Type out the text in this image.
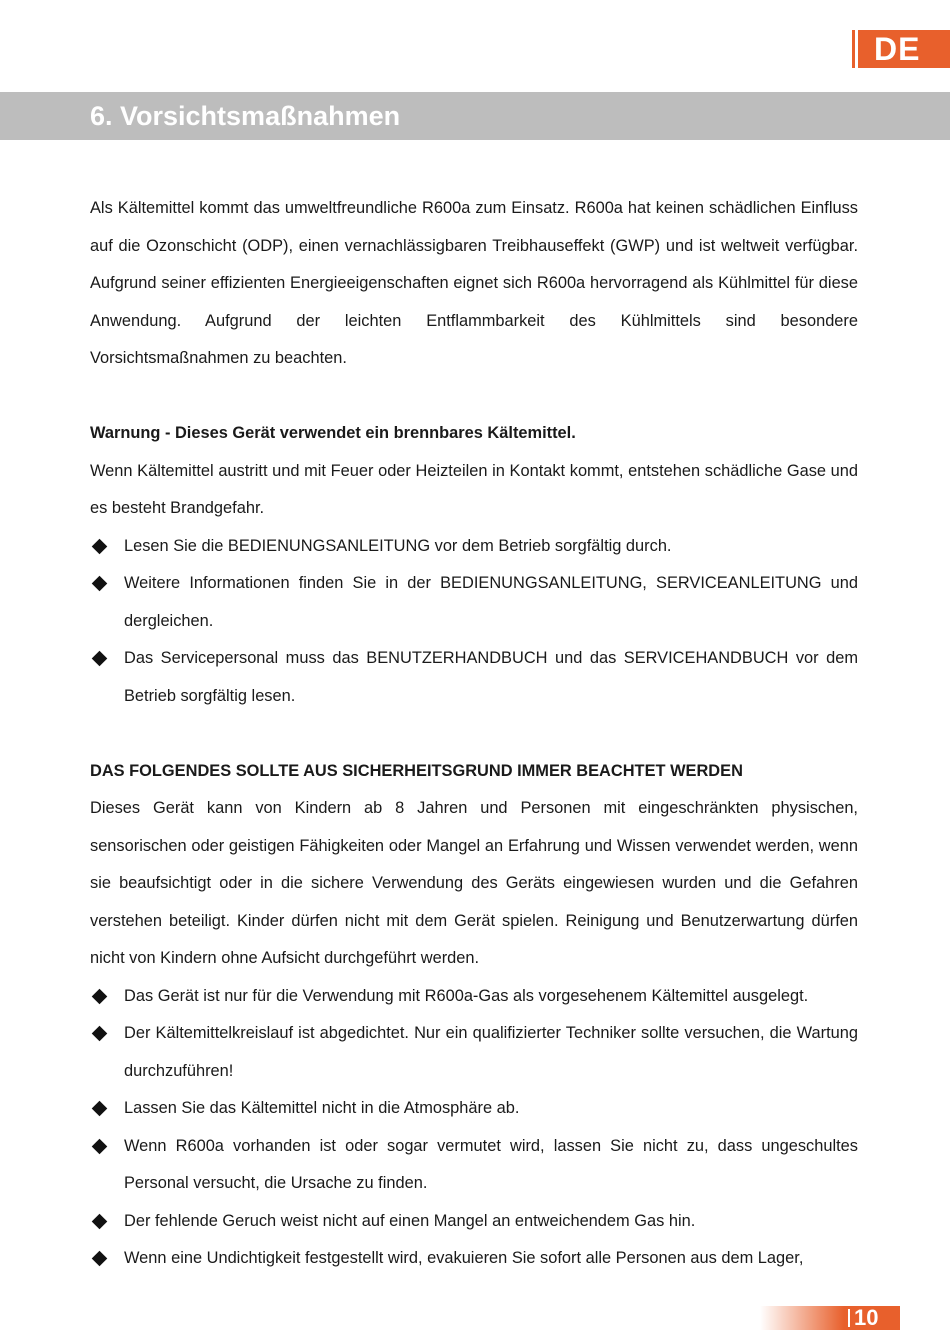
DE
6. Vorsichtsmaßnahmen

Als Kältemittel kommt das umweltfreundliche R600a zum Einsatz. R600a hat keinen schädlichen Einfluss auf die Ozonschicht (ODP), einen vernachlässigbaren Treibhauseffekt (GWP) und ist weltweit verfügbar. Aufgrund seiner effizienten Energieeigenschaften eignet sich R600a hervorragend als Kühlmittel für diese Anwendung. Aufgrund der leichten Entflammbarkeit des Kühlmittels sind besondere Vorsichtsmaßnahmen zu beachten.

Warnung - Dieses Gerät verwendet ein brennbares Kältemittel.

Wenn Kältemittel austritt und mit Feuer oder Heizteilen in Kontakt kommt, entstehen schädliche Gase und es besteht Brandgefahr.

Lesen Sie die BEDIENUNGSANLEITUNG vor dem Betrieb sorgfältig durch.
Weitere Informationen finden Sie in der BEDIENUNGSANLEITUNG, SERVICEANLEITUNG und dergleichen.
Das Servicepersonal muss das BENUTZERHANDBUCH und das SERVICEHANDBUCH vor dem Betrieb sorgfältig lesen.

DAS FOLGENDES SOLLTE AUS SICHERHEITSGRUND IMMER BEACHTET WERDEN

Dieses Gerät kann von Kindern ab 8 Jahren und Personen mit eingeschränkten physischen, sensorischen oder geistigen Fähigkeiten oder Mangel an Erfahrung und Wissen verwendet werden, wenn sie beaufsichtigt oder in die sichere Verwendung des Geräts eingewiesen wurden und die Gefahren verstehen beteiligt. Kinder dürfen nicht mit dem Gerät spielen. Reinigung und Benutzerwartung dürfen nicht von Kindern ohne Aufsicht durchgeführt werden.

Das Gerät ist nur für die Verwendung mit R600a-Gas als vorgesehenem Kältemittel ausgelegt.
Der Kältemittelkreislauf ist abgedichtet. Nur ein qualifizierter Techniker sollte versuchen, die Wartung durchzuführen!
Lassen Sie das Kältemittel nicht in die Atmosphäre ab.
Wenn R600a vorhanden ist oder sogar vermutet wird, lassen Sie nicht zu, dass ungeschultes Personal versucht, die Ursache zu finden.
Der fehlende Geruch weist nicht auf einen Mangel an entweichendem Gas hin.
Wenn eine Undichtigkeit festgestellt wird, evakuieren Sie sofort alle Personen aus dem Lager,
10
